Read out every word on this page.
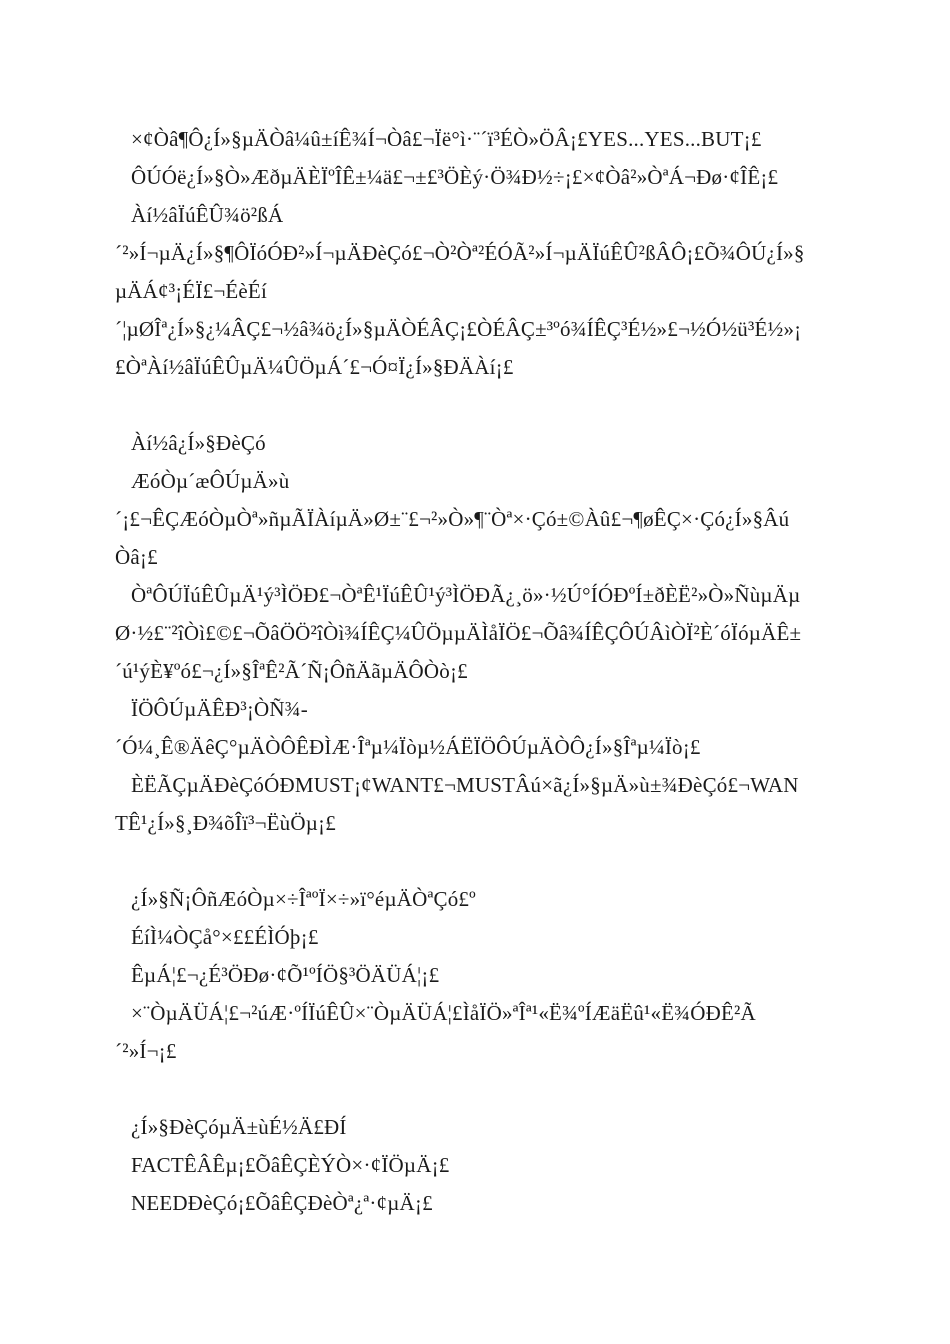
×¢Òâ¶Ô¿Í»§µÄÒâ¼û±íÊ¾Í¬Òâ£¬Ïë°ì·¨´ï³ÉÒ»ÖÂ¡£YES...YES...BUT¡£
ÔÚÓë¿Í»§Ò»ÆðµÄÈÏºÎÊ±¼ä£¬±£³ÖÈý·Ö¾Ð½÷¡£×¢Òâ²»ÒªÁ¬Ðø·¢ÎÊ¡£
Àí½âÏúÊÛ¾ö²ßÁ
´²»Í¬µÄ¿Í»§¶ÔÏóÓÐ²»Í¬µÄÐèÇó£¬Ò²Òª²ÉÓÃ²»Í¬µÄÏúÊÛ²ßÂÔ¡£Õ¾ÔÚ¿Í»§
µÄÁ¢³¡ÉÏ£¬ÉèÉí
´¦µØÎª¿Í»§¿¼ÂÇ£¬½â¾ö¿Í»§µÄÒÉÂÇ¡£ÒÉÂÇ±³ºó¾ÍÊÇ³É½»£¬½Ó½ü³É½»¡
£ÒªÀí½âÏúÊÛµÄ¼ÛÖµÁ´£¬Ó¤Ï¿Í»§ÐÄÀí¡£
Àí½â¿Í»§ÐèÇó
ÆóÒµ´æÔÚµÄ»ù
´¡£¬ÊÇÆóÒµÒª»ñµÃÏÀíµÄ»Ø±¨£¬²»Ò»¶¨Òª×·Çó±©Àû£¬¶øÊÇ×·Çó¿Í»§Âú
Òâ¡£
ÒªÔÚÏúÊÛµÄ¹ý³ÌÖÐ£¬ÒªÊ¹ÏúÊÛ¹ý³ÌÖÐÃ¿¸ö»·½Ú°ÍÓÐºÍ±ðÈË²»Ò»ÑùµÄµ
Ø·½£¨²îÒì£©£¬ÕâÖÖ²îÒì¾ÍÊÇ¼ÛÖµµÄÌåÏÖ£¬Õâ¾ÍÊÇÔÚÂìÒÏ²È´óÏóµÄÊ±
´ú¹ýÈ¥ºó£¬¿Í»§ÎªÊ²Ã´Ñ¡ÔñÄãµÄÔÒò¡£
ÏÖÔÚµÄÊÐ³¡ÒÑ¾-
´Ó¼¸Ê®ÄêÇ°µÄÒÔÊÐÌÆ·Îªµ¼Ïòµ½ÁËÏÖÔÚµÄÒÔ¿Í»§Îªµ¼Ïò¡£
ÈËÃÇµÄÐèÇóÓÐMUST¡¢WANT£¬MUSTÂú×ã¿Í»§µÄ»ù±¾ÐèÇó£¬WAN
TÊ¹¿Í»§¸Ð¾õÎï³¬ËùÖµ¡£
¿Í»§Ñ¡ÔñÆóÒµ×÷ÎªºÏ×÷»ï°éµÄÒªÇó£º
ÉíÌ¼ÒÇå°×££ÉÌÓþ¡£
ÊµÁ¦£¬¿É³ÖÐø·¢Õ¹ºÍÖ§³ÖÄÜÁ¦¡£
×¨ÒµÄÜÁ¦£¬²úÆ·ºÍÏúÊÛ×¨ÒµÄÜÁ¦£ÌåÏÖ»ªÎª¹«Ë¾ºÍÆäËû¹«Ë¾ÓÐÊ²Ã
´²»Í¬¡£
¿Í»§ÐèÇóµÄ±ùÉ½Ä£ÐÍ
FACTÊÂÊµ¡£ÕâÊÇÈÝÒ×·¢ÏÖµÄ¡£
NEEDÐèÇó¡£ÕâÊÇÐèÒª¿ª·¢µÄ¡£
